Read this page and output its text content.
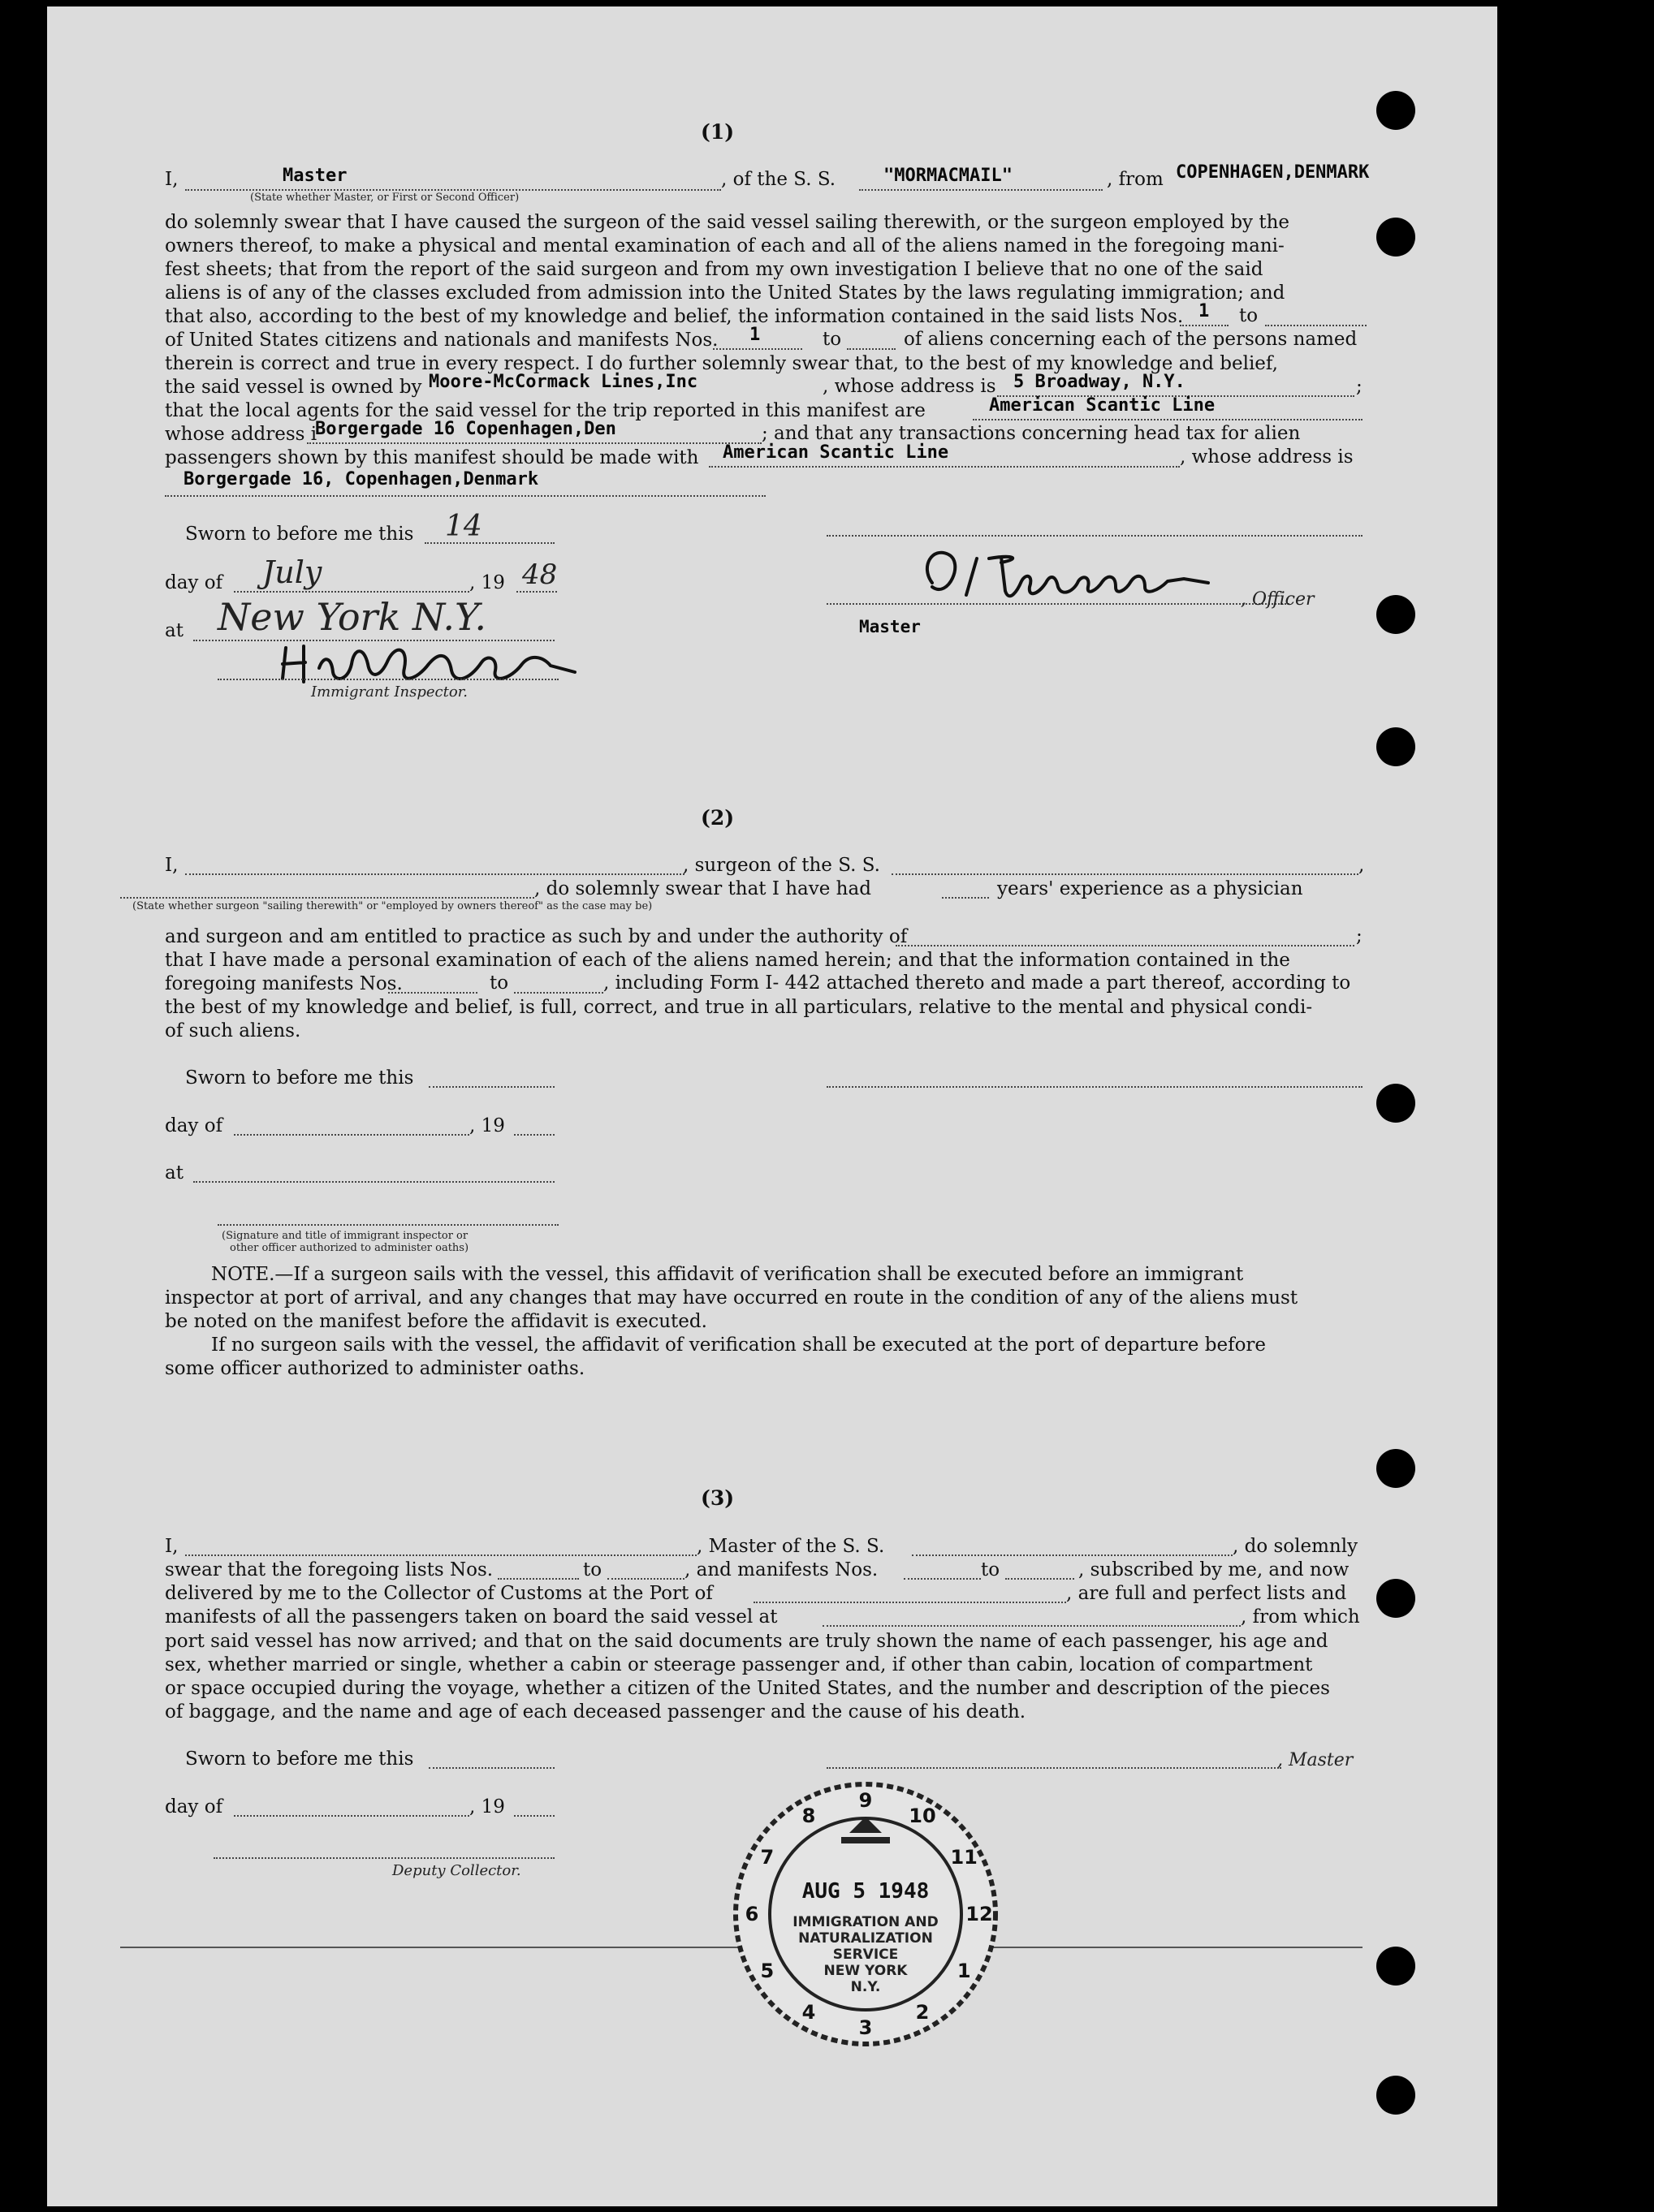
(1)
I,	Master
(State whether Master, or First or Second Officer)
, of the S. S.	"MORMACMAIL"	, from COPENHAGEN,DENMARK
do solemnly swear that I have caused the surgeon of the said vessel sailing therewith, or the surgeon employed by the
owners thereof, to make a physical and mental examination of each and all of the aliens named in the foregoing mani-
fest sheets; that from the report of the said surgeon and from my own investigation I believe that no one of the said
aliens is of any of the classes excluded from admission into the United States by the laws regulating immigration; and
that also, according to the best of my knowledge and belief, the information contained in the said lists Nos. 1 to
of United States citizens and nationals and manifests Nos.	1	to	of aliens concerning each of the persons named
therein is correct and true in every respect. I do further solemnly swear that, to the best of my knowledge and belief,
the said vessel is owned by Moore-McCormack Lines,Inc	, whose address is 5 Broadway, N.Y.	;
that the local agents for the said vessel for the trip reported in this manifest are	American Scantic Line
whose address i
Borgergade 16 Copenhagen,Den	; and that any transactions concerning head tax for alien
passengers shown by this manifest should be made with	American Scantic Line	, whose address is
Borgergade 16, Copenhagen,Denmark
Sworn to before me this 14
day of July	, 19 48
at New York N.Y.
Immigrant Inspector.
, Officer
Master
(2)
I,	, surgeon of the S. S.	,
, do solemnly swear that I have had	years' experience as a physician
(State whether surgeon "sailing therewith" or "employed by owners thereof" as the case may be)
and surgeon and am entitled to practice as such by and under the authority of	;
that I have made a personal examination of each of the aliens named herein; and that the information contained in the
foregoing manifests Nos.	to	, including Form I- 442 attached thereto and made a part thereof, according to
the best of my knowledge and belief, is full, correct, and true in all particulars, relative to the mental and physical condi-
of such aliens.
Sworn to before me this
day of	, 19
at
(Signature and title of immigrant inspector or
other officer authorized to administer oaths)
NOTE.—If a surgeon sails with the vessel, this affidavit of verification shall be executed before an immigrant
inspector at port of arrival, and any changes that may have occurred en route in the condition of any of the aliens must
be noted on the manifest before the affidavit is executed.
If no surgeon sails with the vessel, the affidavit of verification shall be executed at the port of departure before
some officer authorized to administer oaths.
(3)
I,	, Master of the S. S.	, do solemnly
swear that the foregoing lists Nos.	to	, and manifests Nos.	to	, subscribed by me, and now
delivered by me to the Collector of Customs at the Port of	, are full and perfect lists and
manifests of all the passengers taken on board the said vessel at	, from which
port said vessel has now arrived; and that on the said documents are truly shown the name of each passenger, his age and
sex, whether married or single, whether a cabin or steerage passenger and, if other than cabin, location of compartment
or space occupied during the voyage, whether a citizen of the United States, and the number and description of the pieces
of baggage, and the name and age of each deceased passenger and the cause of his death.
Sworn to before me this	, Master
day of	, 19
Deputy Collector.
8
9
10
11
12
1
2
3
4
5
6
7
AUG 5 1948
IMMIGRATION AND
NATURALIZATION
SERVICE
NEW YORK
N.Y.
